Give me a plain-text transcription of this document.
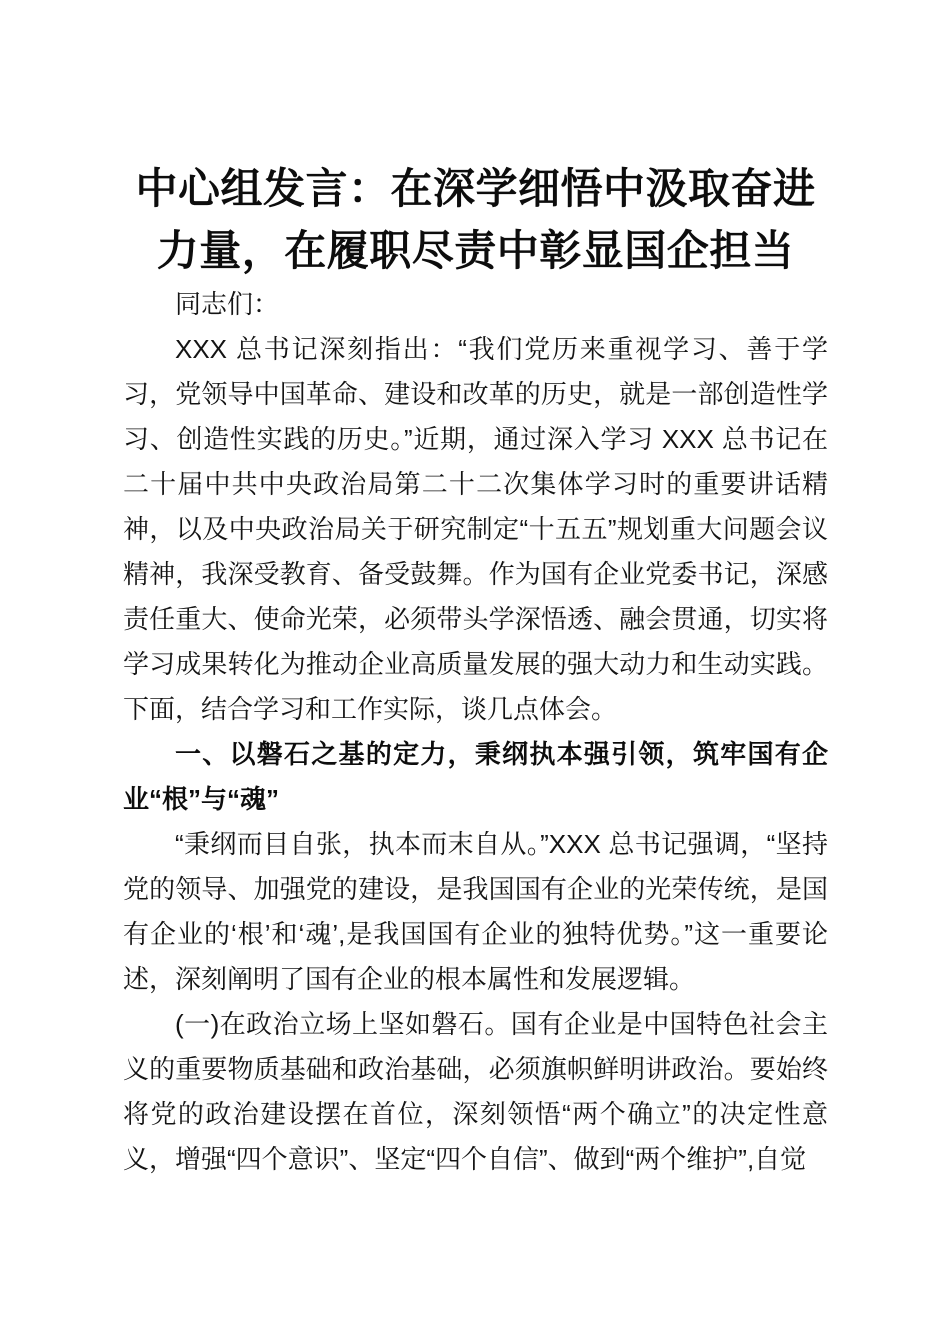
中心组发言：在深学细悟中汲取奋进力量，在履职尽责中彰显国企担当

同志们：

XXX 总书记深刻指出：“我们党历来重视学习、善于学习，党领导中国革命、建设和改革的历史，就是一部创造性学习、创造性实践的历史。”近期，通过深入学习 XXX 总书记在二十届中共中央政治局第二十二次集体学习时的重要讲话精神，以及中央政治局关于研究制定“十五五”规划重大问题会议精神，我深受教育、备受鼓舞。作为国有企业党委书记，深感责任重大、使命光荣，必须带头学深悟透、融会贯通，切实将学习成果转化为推动企业高质量发展的强大动力和生动实践。下面，结合学习和工作实际，谈几点体会。

一、以磐石之基的定力，秉纲执本强引领，筑牢国有企业“根”与“魂”

“秉纲而目自张，执本而末自从。”XXX 总书记强调，“坚持党的领导、加强党的建设，是我国国有企业的光荣传统，是国有企业的‘根’和‘魂’,是我国国有企业的独特优势。”这一重要论述，深刻阐明了国有企业的根本属性和发展逻辑。

(一)在政治立场上坚如磐石。国有企业是中国特色社会主义的重要物质基础和政治基础，必须旗帜鲜明讲政治。要始终将党的政治建设摆在首位，深刻领悟“两个确立”的决定性意义，增强“四个意识”、坚定“四个自信”、做到“两个维护”,自觉
